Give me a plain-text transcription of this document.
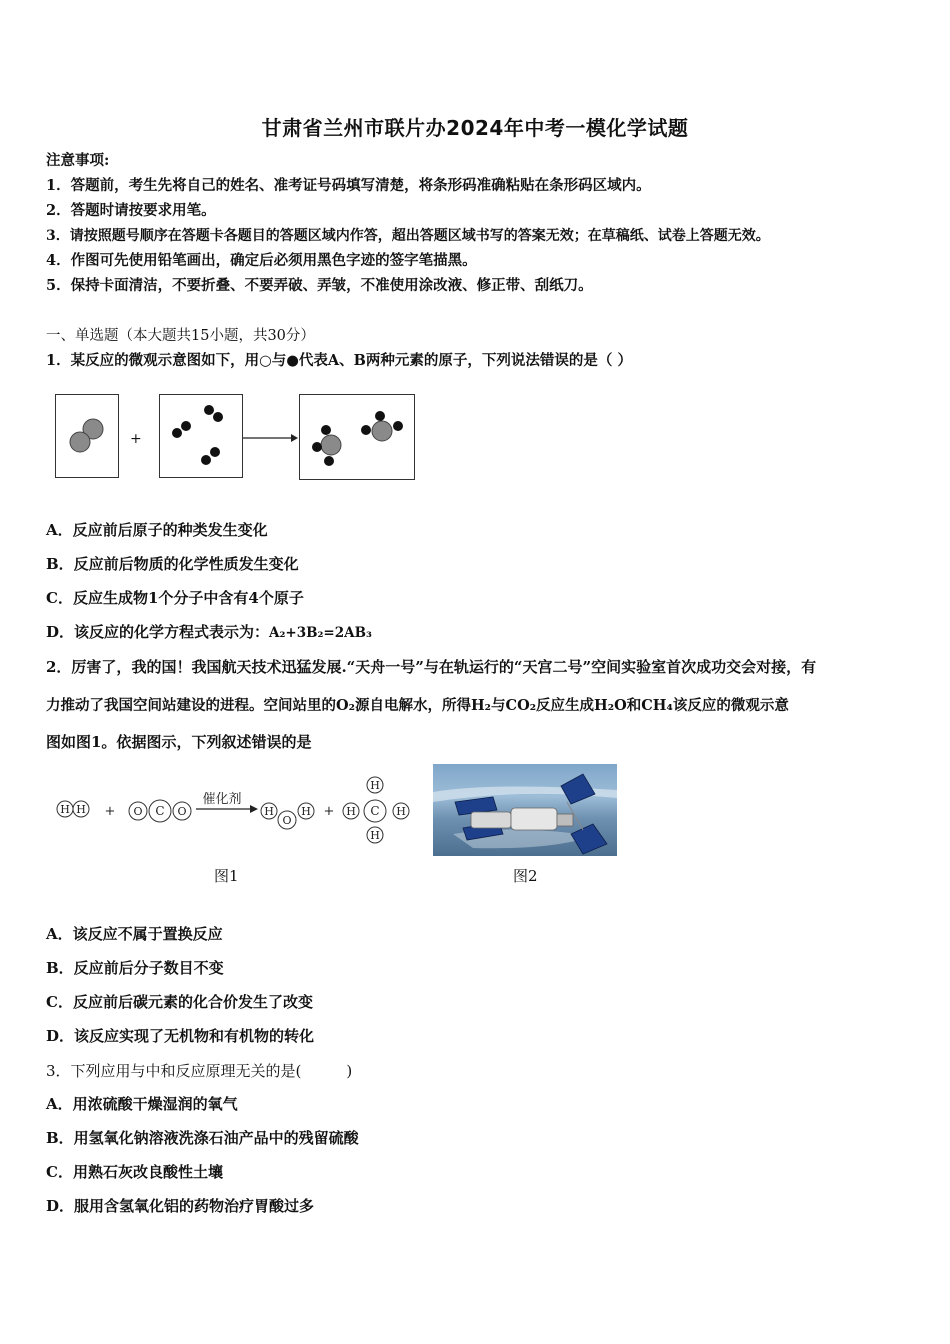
甘肃省兰州市联片办2024年中考一模化学试题
注意事项:
1．答题前，考生先将自己的姓名、准考证号码填写清楚，将条形码准确粘贴在条形码区域内。
2．答题时请按要求用笔。
3．请按照题号顺序在答题卡各题目的答题区域内作答，超出答题区域书写的答案无效；在草稿纸、试卷上答题无效。
4．作图可先使用铅笔画出，确定后必须用黑色字迹的签字笔描黑。
5．保持卡面清洁，不要折叠、不要弄破、弄皱，不准使用涂改液、修正带、刮纸刀。
一、单选题（本大题共15小题，共30分）
1．某反应的微观示意图如下，用○与●代表A、B两种元素的原子，下列说法错误的是（ ）
+
A．反应前后原子的种类发生变化
B．反应前后物质的化学性质发生变化
C．反应生成物1个分子中含有4个原子
D．该反应的化学方程式表示为：A₂+3B₂=2AB₃
2．厉害了，我的国！我国航天技术迅猛发展.“天舟一号”与在轨运行的“天宫二号”空间实验室首次成功交会对接，有
力推动了我国空间站建设的进程。空间站里的O₂源自电解水，所得H₂与CO₂反应生成H₂O和CH₄该反应的微观示意
图如图1。依据图示，下列叙述错误的是
H H + O C O
催化剂
H
O
H +
H
H C H
H
图1	图2
A．该反应不属于置换反应
B．反应前后分子数目不变
C．反应前后碳元素的化合价发生了改变
D．该反应实现了无机物和有机物的转化
3．下列应用与中和反应原理无关的是(　　　)
A．用浓硫酸干燥湿润的氧气
B．用氢氧化钠溶液洗涤石油产品中的残留硫酸
C．用熟石灰改良酸性土壤
D．服用含氢氧化铝的药物治疗胃酸过多
